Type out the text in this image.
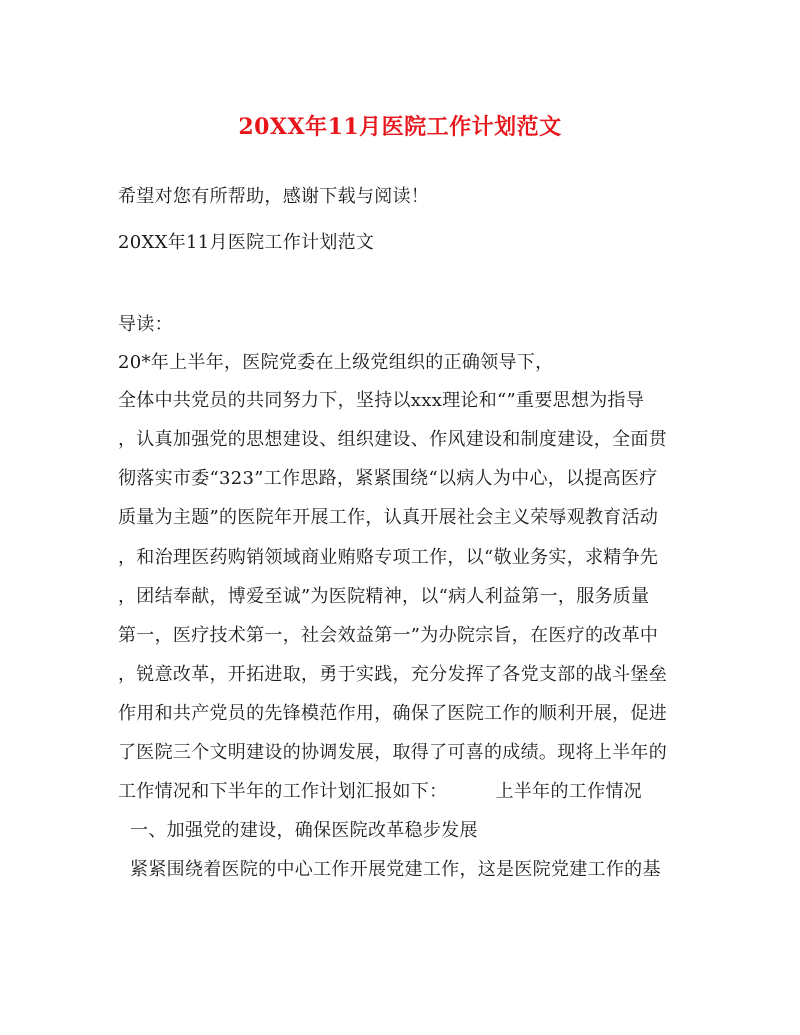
20XX年11月医院工作计划范文
希望对您有所帮助，感谢下载与阅读！
20XX年11月医院工作计划范文
导读：
20*年上半年，医院党委在上级党组织的正确领导下，
全体中共党员的共同努力下，坚持以xxx理论和“”重要思想为指导
，认真加强党的思想建设、组织建设、作风建设和制度建设，全面贯
彻落实市委“323”工作思路，紧紧围绕“以病人为中心，以提高医疗
质量为主题”的医院年开展工作，认真开展社会主义荣辱观教育活动
，和治理医药购销领域商业贿赂专项工作，以“敬业务实，求精争先
，团结奉献，博爱至诚”为医院精神，以“病人利益第一，服务质量
第一，医疗技术第一，社会效益第一”为办院宗旨，在医疗的改革中
，锐意改革，开拓进取，勇于实践，充分发挥了各党支部的战斗堡垒
作用和共产党员的先锋模范作用，确保了医院工作的顺利开展，促进
了医院三个文明建设的协调发展，取得了可喜的成绩。现将上半年的
工作情况和下半年的工作计划汇报如下：        上半年的工作情况
一、加强党的建设，确保医院改革稳步发展
紧紧围绕着医院的中心工作开展党建工作，这是医院党建工作的基
